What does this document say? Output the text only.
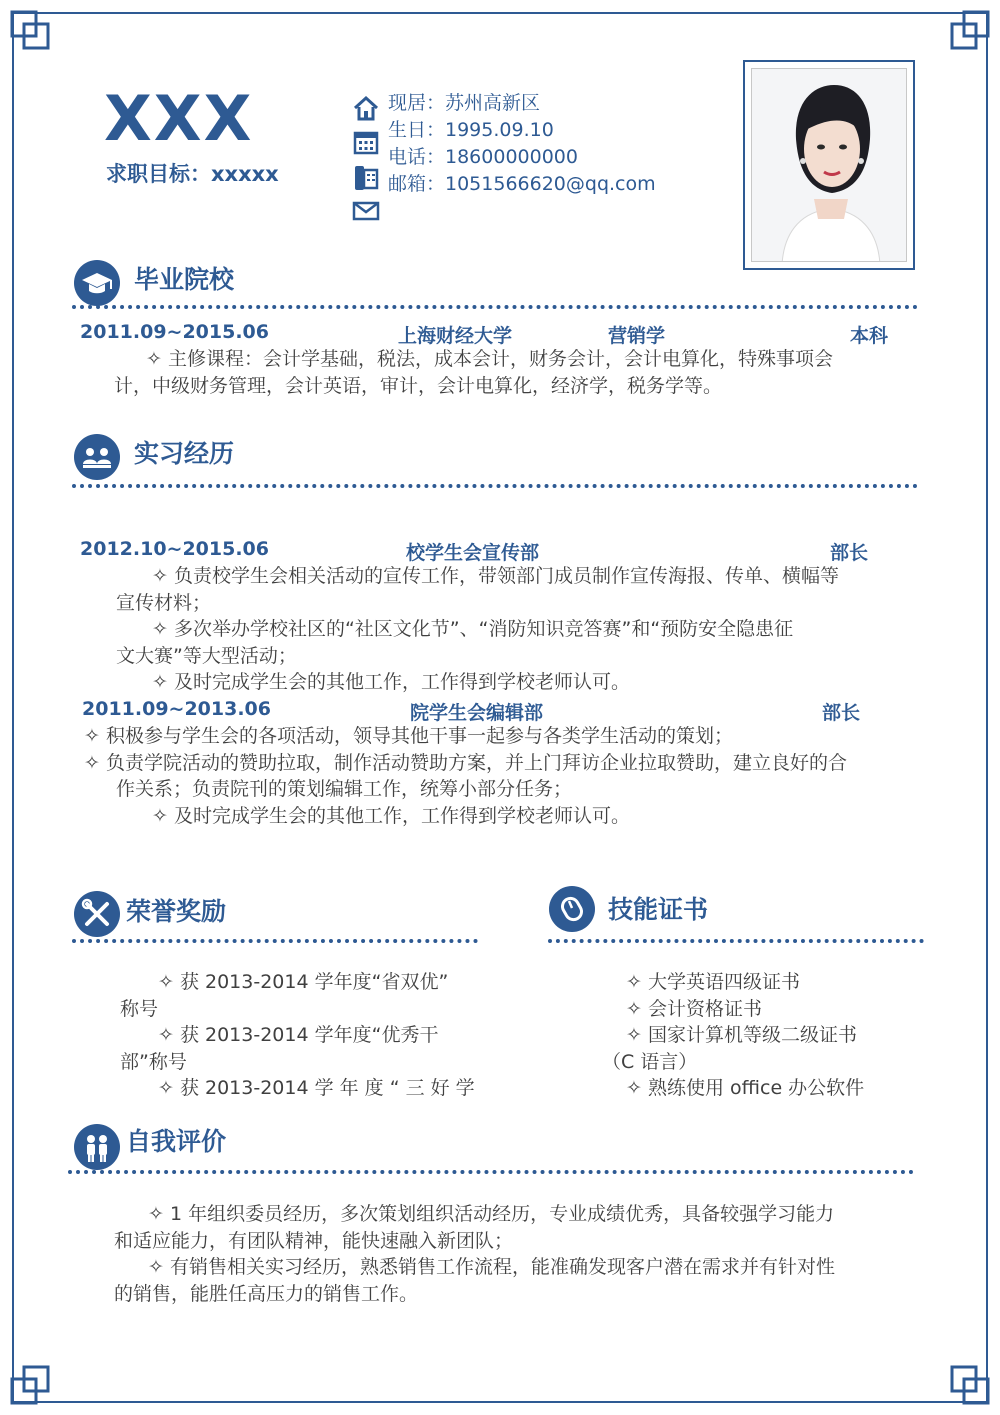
XXX
求职目标：xxxxx
现居：苏州高新区
生日：1995.09.10
电话：18600000000
邮箱：1051566620@qq.com
毕业院校
2011.09~2015.06	上海财经大学	营销学	本科

✧ 主修课程：会计学基础，税法，成本会计，财务会计，会计电算化，特殊事项会

计，中级财务管理，会计英语，审计，会计电算化，经济学，税务学等。

实习经历
2012.10~2015.06	校学生会宣传部	部长

✧ 负责校学生会相关活动的宣传工作，带领部门成员制作宣传海报、传单、横幅等

宣传材料；

✧ 多次举办学校社区的“社区文化节”、“消防知识竞答赛”和“预防安全隐患征

文大赛”等大型活动；

✧ 及时完成学生会的其他工作，工作得到学校老师认可。

2011.09~2013.06	院学生会编辑部	部长

✧ 积极参与学生会的各项活动，领导其他干事一起参与各类学生活动的策划；

✧ 负责学院活动的赞助拉取，制作活动赞助方案，并上门拜访企业拉取赞助，建立良好的合

作关系；负责院刊的策划编辑工作，统筹小部分任务；

✧ 及时完成学生会的其他工作，工作得到学校老师认可。

荣誉奖励

✧ 获 2013-2014 学年度“省双优”

称号

✧ 获 2013-2014 学年度“优秀干

部”称号

✧ 获 2013-2014 学 年 度 “ 三 好 学

技能证书

✧ 大学英语四级证书

✧ 会计资格证书

✧ 国家计算机等级二级证书

（C 语言）

✧ 熟练使用 office 办公软件

自我评价

✧ 1 年组织委员经历，多次策划组织活动经历，专业成绩优秀，具备较强学习能力

和适应能力，有团队精神，能快速融入新团队；

✧ 有销售相关实习经历，熟悉销售工作流程，能准确发现客户潜在需求并有针对性

的销售，能胜任高压力的销售工作。
